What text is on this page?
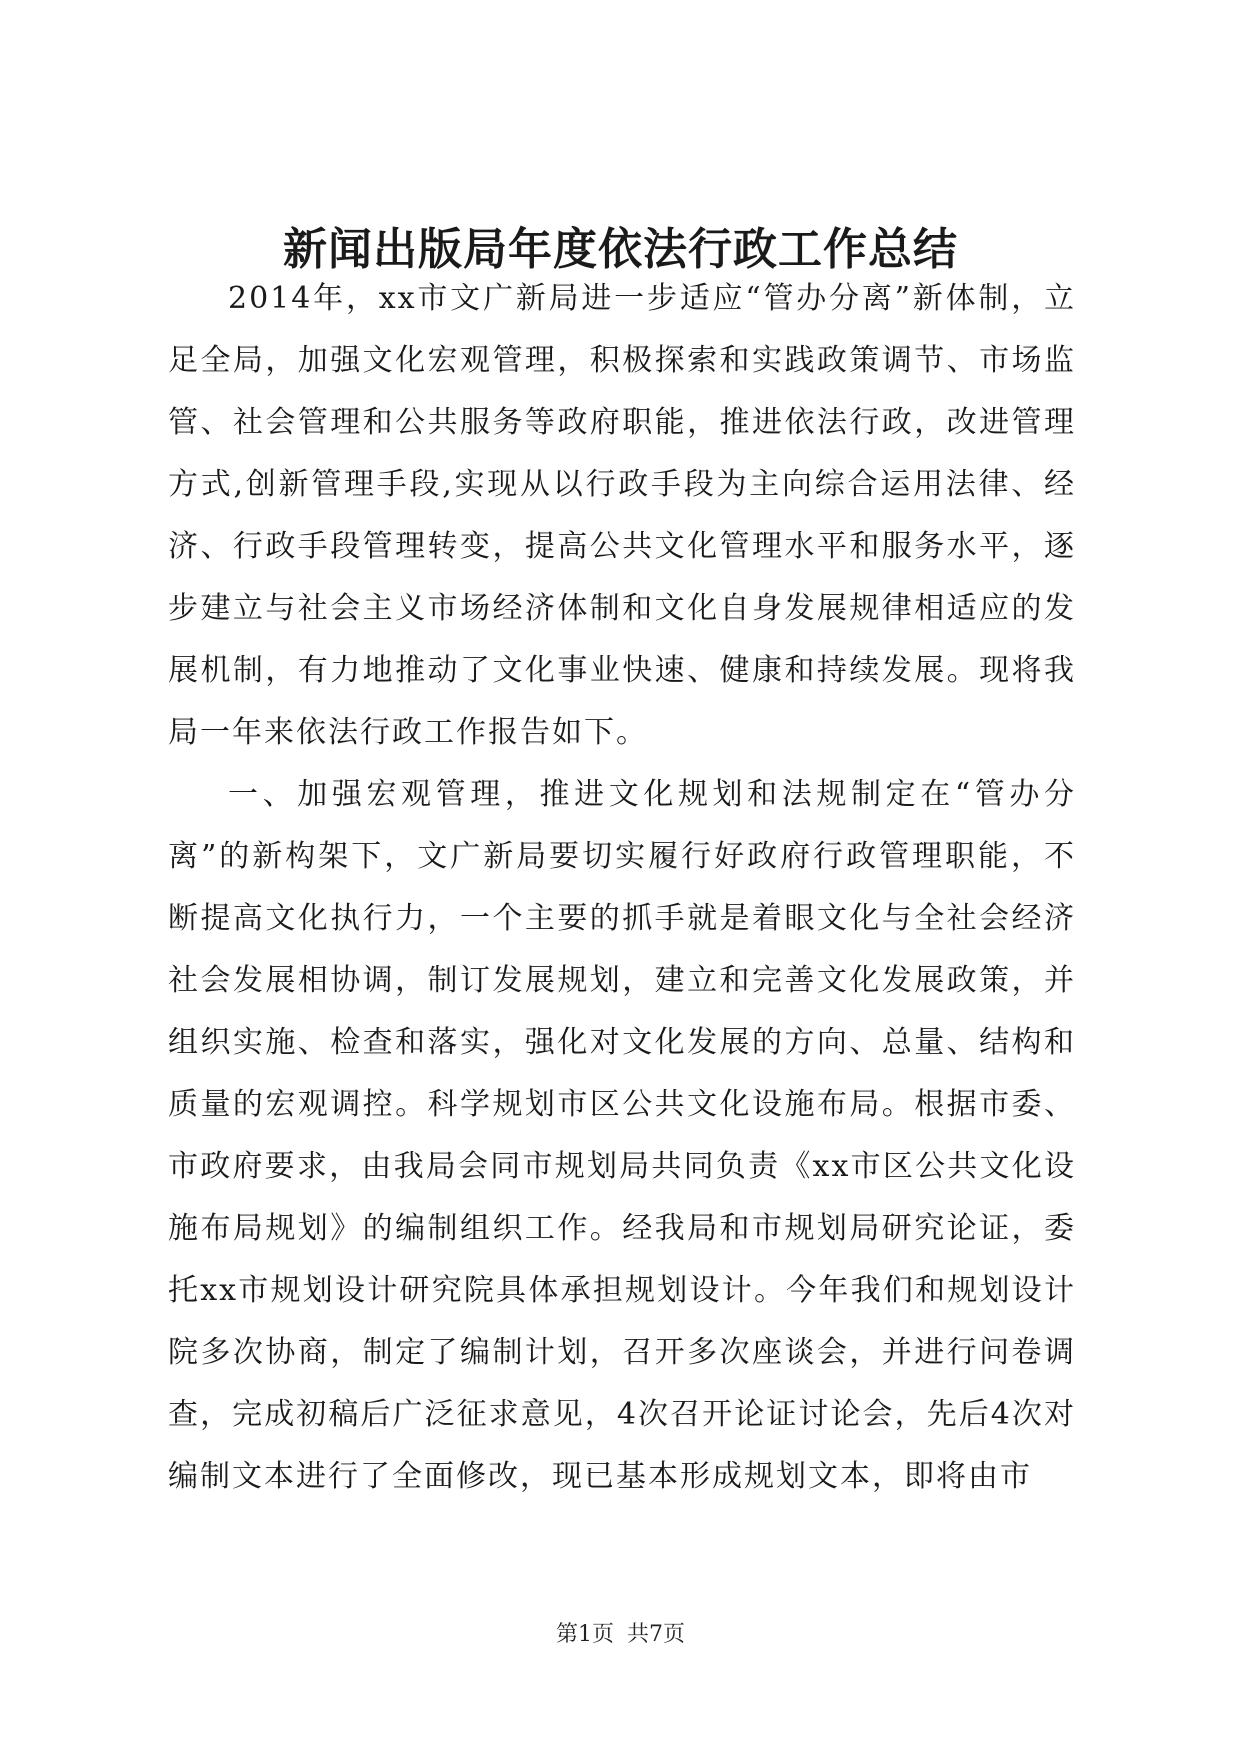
新闻出版局年度依法行政工作总结

2014年，xx市文广新局进一步适应“管办分离”新体制，立足全局，加强文化宏观管理，积极探索和实践政策调节、市场监管、社会管理和公共服务等政府职能，推进依法行政，改进管理方式,创新管理手段,实现从以行政手段为主向综合运用法律、经济、行政手段管理转变，提高公共文化管理水平和服务水平，逐步建立与社会主义市场经济体制和文化自身发展规律相适应的发展机制，有力地推动了文化事业快速、健康和持续发展。现将我局一年来依法行政工作报告如下。

一、加强宏观管理，推进文化规划和法规制定在“管办分离”的新构架下，文广新局要切实履行好政府行政管理职能，不断提高文化执行力，一个主要的抓手就是着眼文化与全社会经济社会发展相协调，制订发展规划，建立和完善文化发展政策，并组织实施、检查和落实，强化对文化发展的方向、总量、结构和质量的宏观调控。科学规划市区公共文化设施布局。根据市委、市政府要求，由我局会同市规划局共同负责《xx市区公共文化设施布局规划》的编制组织工作。经我局和市规划局研究论证，委托xx市规划设计研究院具体承担规划设计。今年我们和规划设计院多次协商，制定了编制计划，召开多次座谈会，并进行问卷调查，完成初稿后广泛征求意见，4次召开论证讨论会，先后4次对编制文本进行了全面修改，现已基本形成规划文本，即将由市

第1页 共7页
